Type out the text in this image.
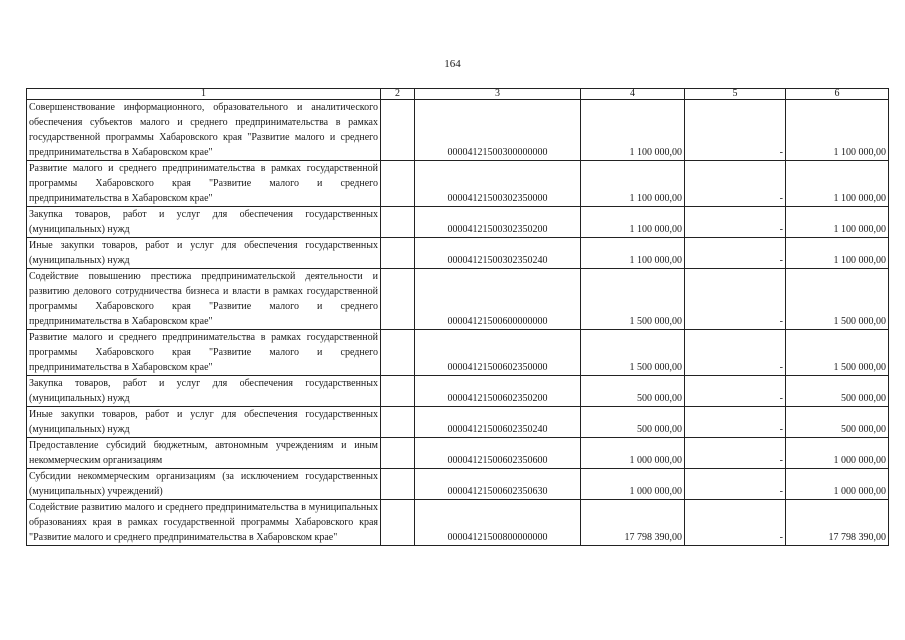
164
1	2	3	4	5	6
Совершенствование информационного, образовательного и аналитического обеспечения субъектов малого и среднего предпринимательства в рамках государственной программы Хабаровского края "Развитие малого и среднего предпринимательства в Хабаровском крае"		00004121500300000000	1 100 000,00	-	1 100 000,00
Развитие малого и среднего предпринимательства в рамках государственной программы Хабаровского края "Развитие малого и среднего предпринимательства в Хабаровском крае"		00004121500302350000	1 100 000,00	-	1 100 000,00
Закупка товаров, работ и услуг для обеспечения государственных (муниципальных) нужд		00004121500302350200	1 100 000,00	-	1 100 000,00
Иные закупки товаров, работ и услуг для обеспечения государственных (муниципальных) нужд		00004121500302350240	1 100 000,00	-	1 100 000,00
Содействие повышению престижа предпринимательской деятельности и развитию делового сотрудничества бизнеса и власти в рамках государственной программы Хабаровского края "Развитие малого и среднего предпринимательства в Хабаровском крае"		00004121500600000000	1 500 000,00	-	1 500 000,00
Развитие малого и среднего предпринимательства в рамках государственной программы Хабаровского края "Развитие малого и среднего предпринимательства в Хабаровском крае"		00004121500602350000	1 500 000,00	-	1 500 000,00
Закупка товаров, работ и услуг для обеспечения государственных (муниципальных) нужд		00004121500602350200	500 000,00	-	500 000,00
Иные закупки товаров, работ и услуг для обеспечения государственных (муниципальных) нужд		00004121500602350240	500 000,00	-	500 000,00
Предоставление субсидий бюджетным, автономным учреждениям и иным некоммерческим организациям		00004121500602350600	1 000 000,00	-	1 000 000,00
Субсидии некоммерческим организациям (за исключением государственных (муниципальных) учреждений)		00004121500602350630	1 000 000,00	-	1 000 000,00
Содействие развитию малого и среднего предпринимательства в муниципальных образованиях края в рамках государственной программы Хабаровского края "Развитие малого и среднего предпринимательства в Хабаровском крае"		00004121500800000000	17 798 390,00	-	17 798 390,00
